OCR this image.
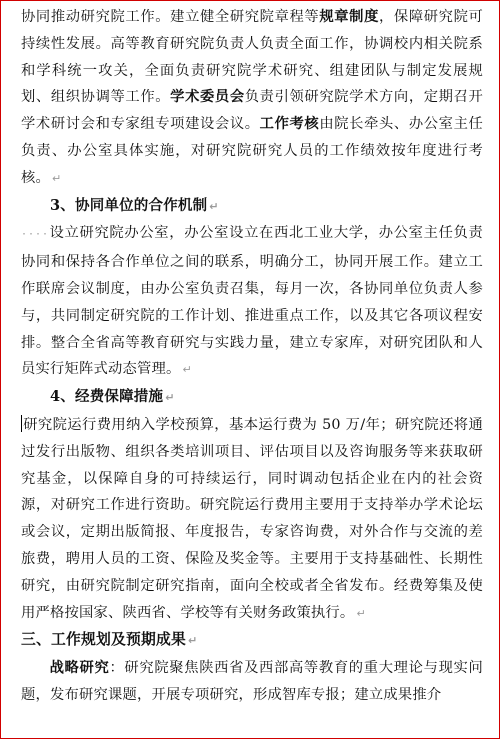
协同推动研究院工作。建立健全研究院章程等规章制度，保障研究院可持续性发展。高等教育研究院负责人负责全面工作，协调校内相关院系和学科统一攻关，全面负责研究院学术研究、组建团队与制定发展规划、组织协调等工作。学术委员会负责引领研究院学术方向，定期召开学术研讨会和专家组专项建设会议。工作考核由院长牵头、办公室主任负责、办公室具体实施，对研究院研究人员的工作绩效按年度进行考核。 ↵

3、协同单位的合作机制 ↵

····设立研究院办公室，办公室设立在西北工业大学，办公室主任负责协同和保持各合作单位之间的联系，明确分工，协同开展工作。建立工作联席会议制度，由办公室负责召集，每月一次，各协同单位负责人参与，共同制定研究院的工作计划、推进重点工作，以及其它各项议程安排。整合全省高等教育研究与实践力量，建立专家库，对研究团队和人员实行矩阵式动态管理。 ↵

4、经费保障措施 ↵

研究院运行费用纳入学校预算，基本运行费为 50 万/年；研究院还将通过发行出版物、组织各类培训项目、评估项目以及咨询服务等来获取研究基金，以保障自身的可持续运行，同时调动包括企业在内的社会资源，对研究工作进行资助。研究院运行费用主要用于支持举办学术论坛或会议，定期出版简报、年度报告，专家咨询费，对外合作与交流的差旅费，聘用人员的工资、保险及奖金等。主要用于支持基础性、长期性研究，由研究院制定研究指南，面向全校或者全省发布。经费筹集及使用严格按国家、陕西省、学校等有关财务政策执行。 ↵

三、工作规划及预期成果 ↵

战略研究：研究院聚焦陕西省及西部高等教育的重大理论与现实问题，发布研究课题，开展专项研究，形成智库专报；建立成果推介
